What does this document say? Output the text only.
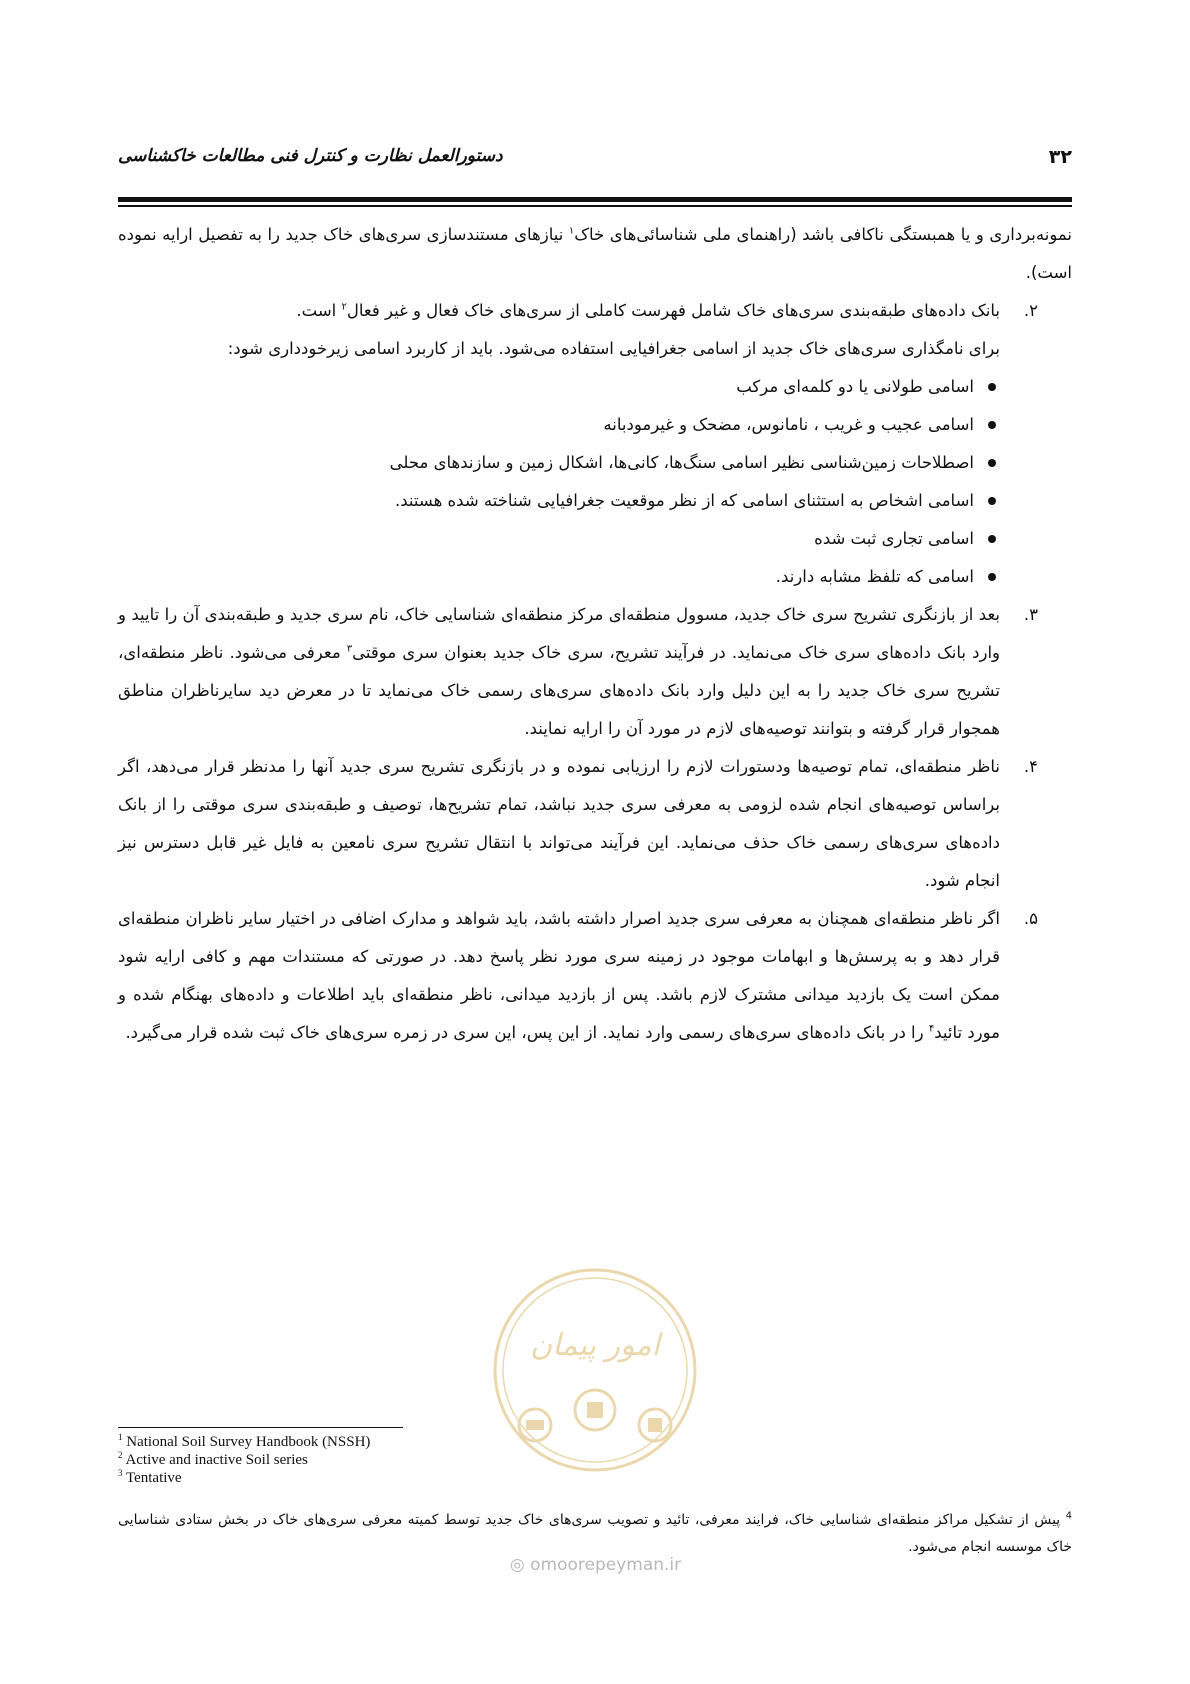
۳۲
دستورالعمل نظارت و کنترل فنی مطالعات خاکشناسی

نمونه‌برداری و یا همبستگی ناکافی باشد (راهنمای ملی شناسائی‌های خاک$^۱$ نیازهای مستندسازی سری‌های خاک جدید را به تفصیل ارایه نموده است).

۲.
بانک داده‌های طبقه‌بندی سری‌های خاک شامل فهرست کاملی از سری‌های خاک فعال و غیر فعال$^۲$ است.

برای نامگذاری سری‌های خاک جدید از اسامی جغرافیایی استفاده می‌شود. باید از کاربرد اسامی زیرخودداری شود:

اسامی طولانی یا دو کلمه‌ای مرکب
اسامی عجیب و غریب ، نامانوس، مضحک و غیرمودبانه
اصطلاحات زمین‌شناسی نظیر اسامی سنگ‌ها، کانی‌ها، اشکال زمین و سازندهای محلی
اسامی اشخاص به استثنای اسامی که از نظر موقعیت جغرافیایی شناخته شده هستند.
اسامی تجاری ثبت شده
اسامی که تلفظ مشابه دارند.

۳.
بعد از بازنگری تشریح سری خاک جدید، مسوول منطقه‌ای مرکز منطقه‌ای شناسایی خاک، نام سری جدید و طبقه‌بندی آن را تایید و وارد بانک داده‌های سری خاک می‌نماید. در فرآیند تشریح، سری خاک جدید بعنوان سری موقتی$^۳$ معرفی می‌شود. ناظر منطقه‌ای، تشریح سری خاک جدید را به این دلیل وارد بانک داده‌های سری‌های رسمی خاک می‌نماید تا در معرض دید سایرناظران مناطق همجوار قرار گرفته و بتوانند توصیه‌های لازم در مورد آن را ارایه نمایند.

۴.
ناظر منطقه‌ای، تمام توصیه‌ها ودستورات لازم را ارزیابی نموده و در بازنگری تشریح سری جدید آنها را مدنظر قرار می‌دهد، اگر براساس توصیه‌های انجام شده لزومی به معرفی سری جدید نباشد، تمام تشریح‌ها، توصیف و طبقه‌بندی سری موقتی را از بانک داده‌های سری‌های رسمی خاک حذف می‌نماید. این فرآیند می‌تواند با انتقال تشریح سری نامعین به فایل غیر قابل دسترس نیز انجام شود.

۵.
اگر ناظر منطقه‌ای همچنان به معرفی سری جدید اصرار داشته باشد، باید شواهد و مدارک اضافی در اختیار سایر ناظران منطقه‌ای قرار دهد و به پرسش‌ها و ابهامات موجود در زمینه سری مورد نظر پاسخ دهد. در صورتی که مستندات مهم و کافی ارایه شود ممکن است یک بازدید میدانی مشترک لازم باشد. پس از بازدید میدانی، ناظر منطقه‌ای باید اطلاعات و داده‌های بهنگام شده و مورد تائید$^۴$ را در بانک داده‌های سری‌های رسمی وارد نماید. از این پس، این سری در زمره سری‌های خاک ثبت شده قرار می‌گیرد.

امور پیمان
◎ omoorepeyman.ir
$^1$ National Soil Survey Handbook (NSSH)
$^2$ Active and inactive Soil series
$^3$ Tentative
$^4$ پیش از تشکیل مراکز منطقه‌ای شناسایی خاک، فرایند معرفی، تائید و تصویب سری‌های خاک جدید توسط کمیته معرفی سری‌های خاک در بخش ستادی شناسایی خاک موسسه انجام می‌شود.
